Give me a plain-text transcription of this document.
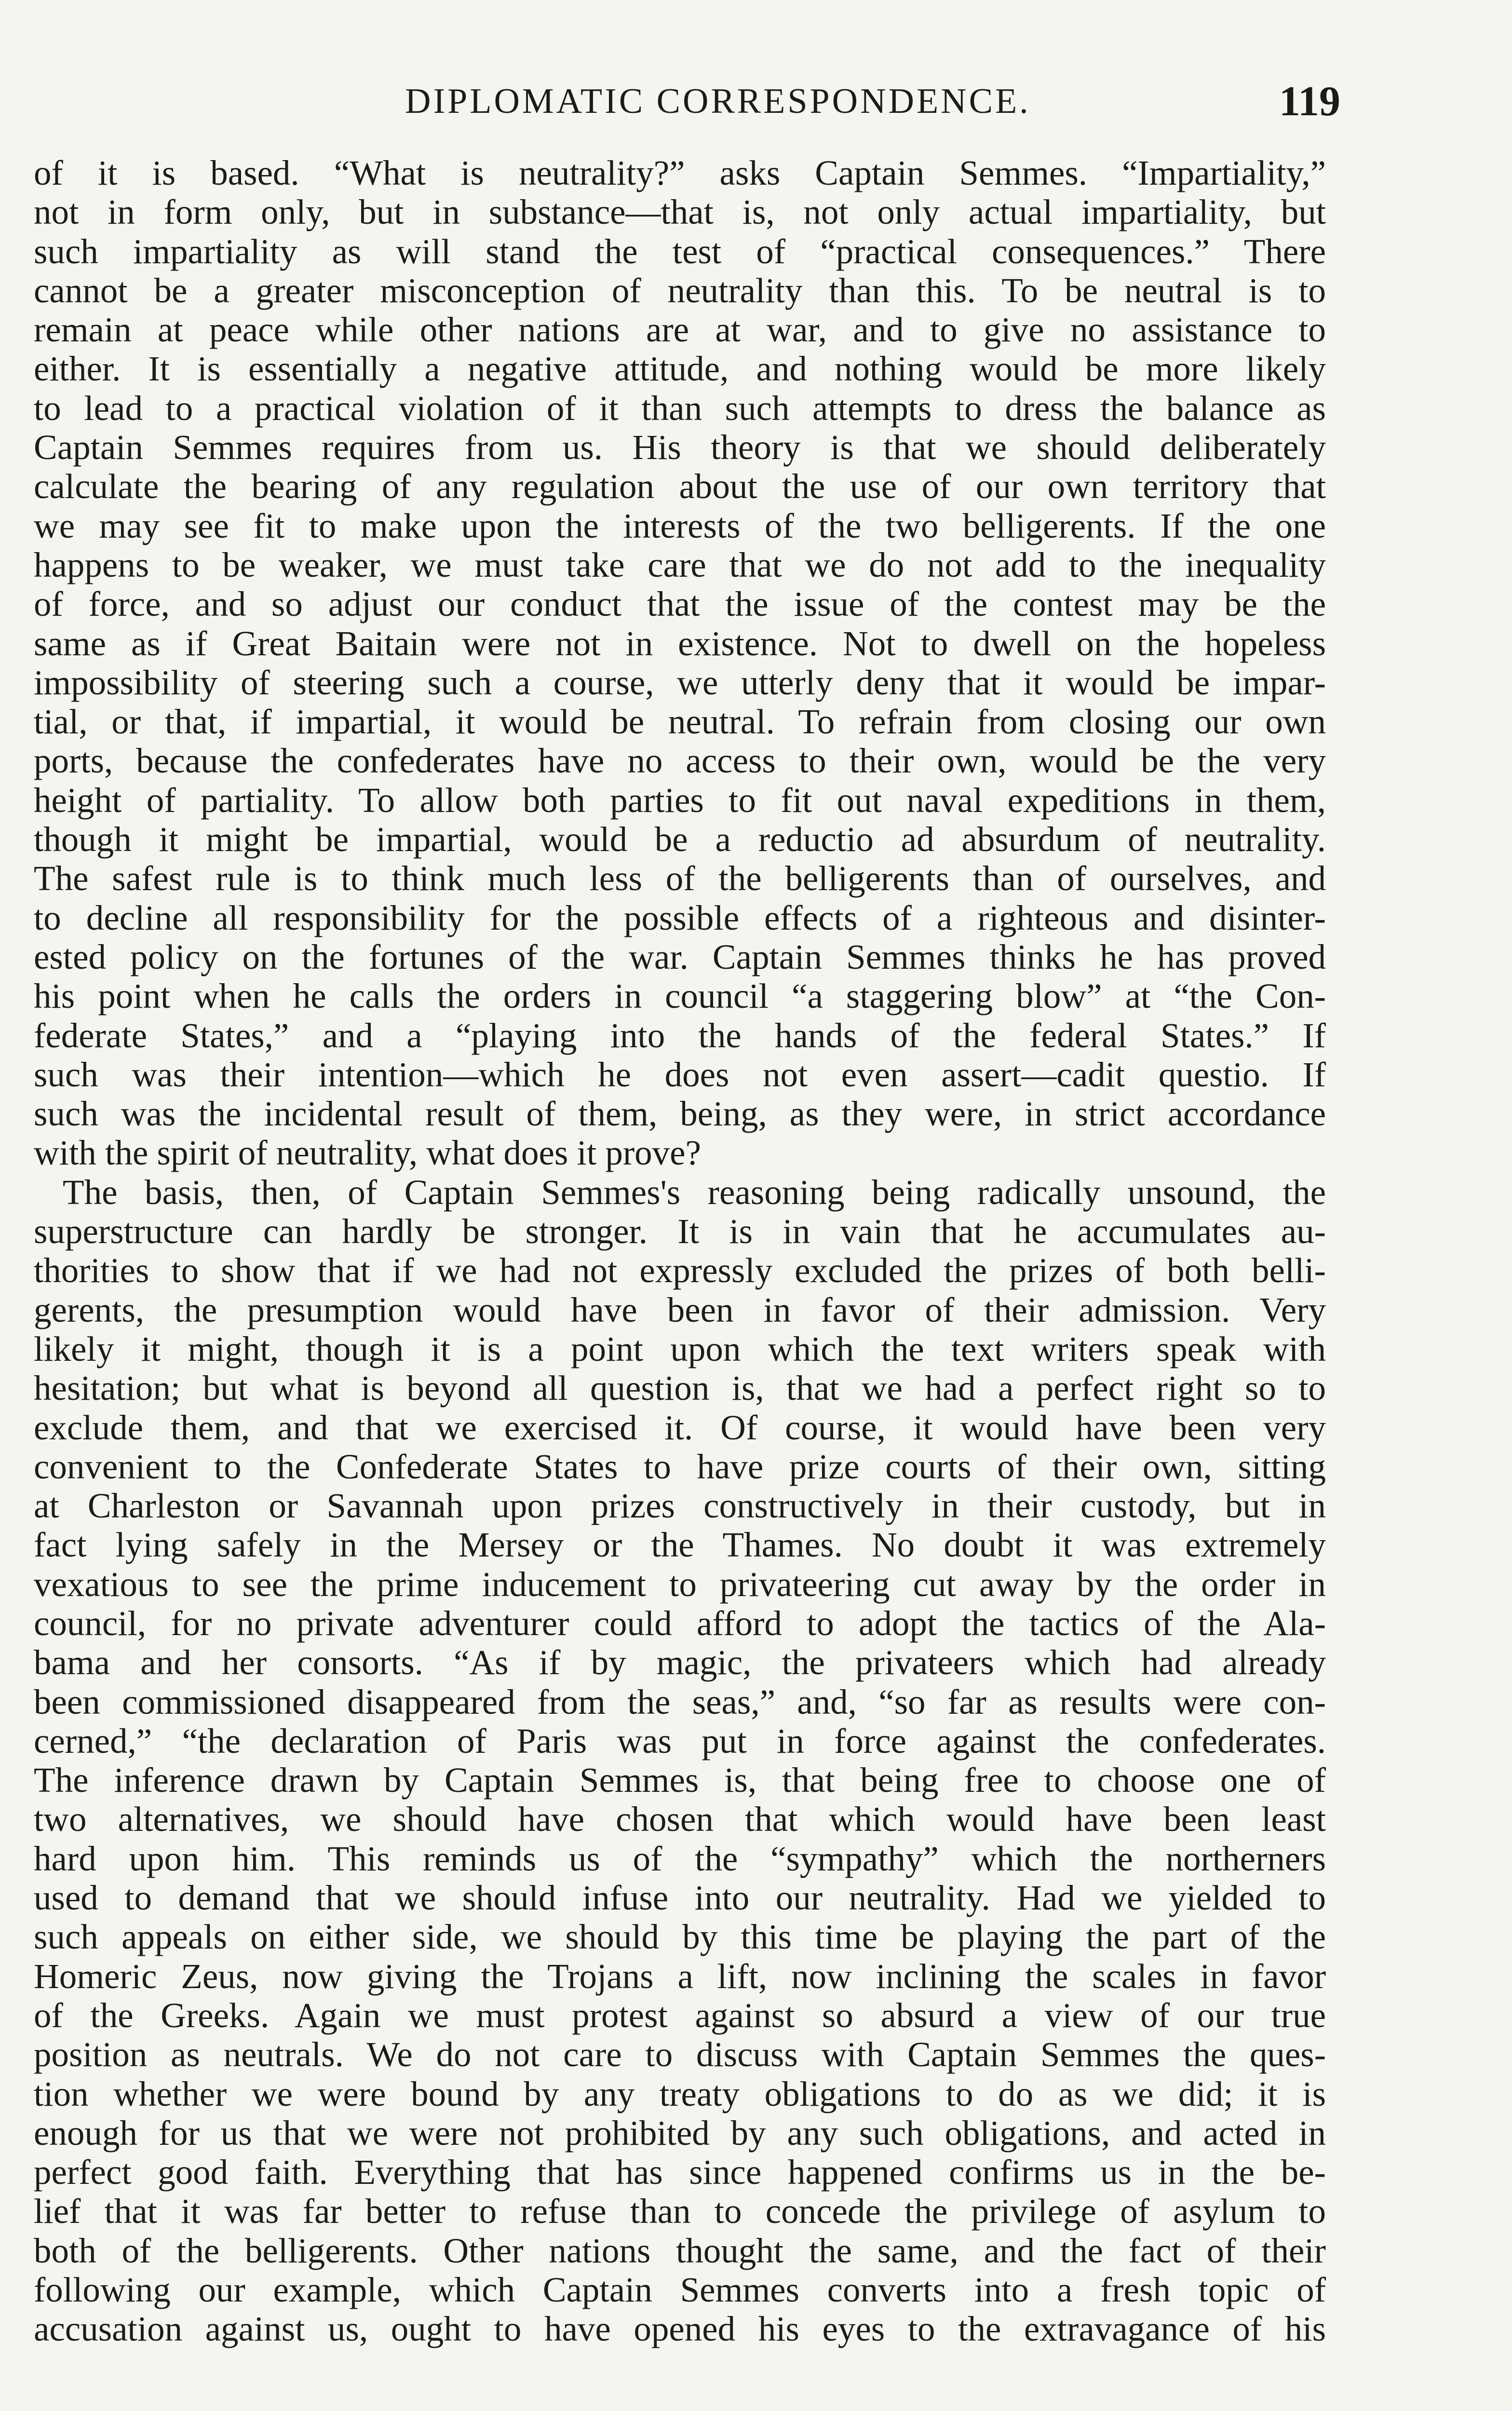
DIPLOMATIC CORRESPONDENCE.	119
of it is based. “What is neutrality?” asks Captain Semmes. “Impartiality,”
not in form only, but in substance—that is, not only actual impartiality, but
such impartiality as will stand the test of “practical consequences.” There
cannot be a greater misconception of neutrality than this. To be neutral is to
remain at peace while other nations are at war, and to give no assistance to
either. It is essentially a negative attitude, and nothing would be more likely
to lead to a practical violation of it than such attempts to dress the balance as
Captain Semmes requires from us. His theory is that we should deliberately
calculate the bearing of any regulation about the use of our own territory that
we may see fit to make upon the interests of the two belligerents. If the one
happens to be weaker, we must take care that we do not add to the inequality
of force, and so adjust our conduct that the issue of the contest may be the
same as if Great Baitain were not in existence. Not to dwell on the hopeless
impossibility of steering such a course, we utterly deny that it would be impar-
tial, or that, if impartial, it would be neutral. To refrain from closing our own
ports, because the confederates have no access to their own, would be the very
height of partiality. To allow both parties to fit out naval expeditions in them,
though it might be impartial, would be a reductio ad absurdum of neutrality.
The safest rule is to think much less of the belligerents than of ourselves, and
to decline all responsibility for the possible effects of a righteous and disinter-
ested policy on the fortunes of the war. Captain Semmes thinks he has proved
his point when he calls the orders in council “a staggering blow” at “the Con-
federate States,” and a “playing into the hands of the federal States.” If
such was their intention—which he does not even assert—cadit questio. If
such was the incidental result of them, being, as they were, in strict accordance
with the spirit of neutrality, what does it prove?
The basis, then, of Captain Semmes's reasoning being radically unsound, the
superstructure can hardly be stronger. It is in vain that he accumulates au-
thorities to show that if we had not expressly excluded the prizes of both belli-
gerents, the presumption would have been in favor of their admission. Very
likely it might, though it is a point upon which the text writers speak with
hesitation; but what is beyond all question is, that we had a perfect right so to
exclude them, and that we exercised it. Of course, it would have been very
convenient to the Confederate States to have prize courts of their own, sitting
at Charleston or Savannah upon prizes constructively in their custody, but in
fact lying safely in the Mersey or the Thames. No doubt it was extremely
vexatious to see the prime inducement to privateering cut away by the order in
council, for no private adventurer could afford to adopt the tactics of the Ala-
bama and her consorts. “As if by magic, the privateers which had already
been commissioned disappeared from the seas,” and, “so far as results were con-
cerned,” “the declaration of Paris was put in force against the confederates.
The inference drawn by Captain Semmes is, that being free to choose one of
two alternatives, we should have chosen that which would have been least
hard upon him. This reminds us of the “sympathy” which the northerners
used to demand that we should infuse into our neutrality. Had we yielded to
such appeals on either side, we should by this time be playing the part of the
Homeric Zeus, now giving the Trojans a lift, now inclining the scales in favor
of the Greeks. Again we must protest against so absurd a view of our true
position as neutrals. We do not care to discuss with Captain Semmes the ques-
tion whether we were bound by any treaty obligations to do as we did; it is
enough for us that we were not prohibited by any such obligations, and acted in
perfect good faith. Everything that has since happened confirms us in the be-
lief that it was far better to refuse than to concede the privilege of asylum to
both of the belligerents. Other nations thought the same, and the fact of their
following our example, which Captain Semmes converts into a fresh topic of
accusation against us, ought to have opened his eyes to the extravagance of his
